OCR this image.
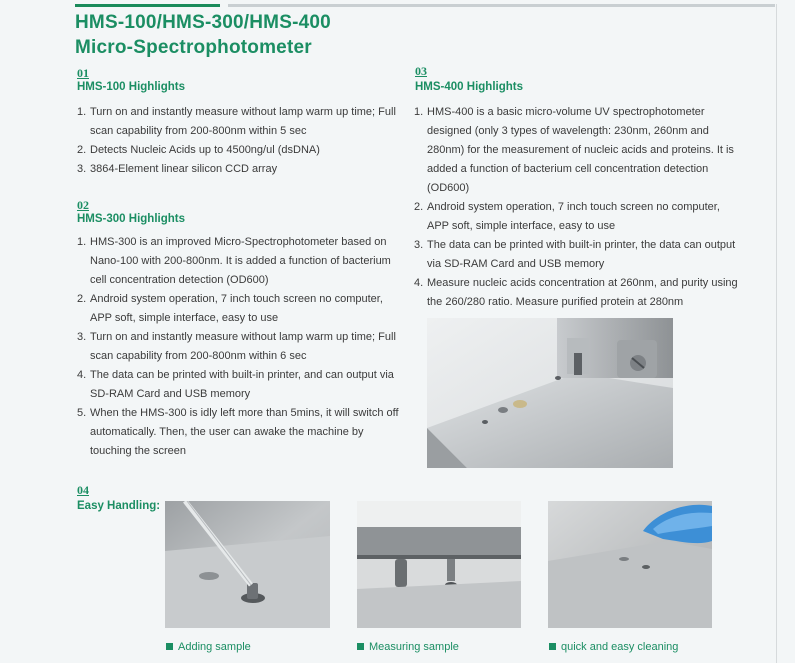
HMS-100/HMS-300/HMS-400
Micro-Spectrophotometer
01
HMS-100 Highlights
1. Turn on and instantly measure without lamp warm up time; Full scan capability from 200-800nm within 5 sec
2. Detects Nucleic Acids up to 4500ng/ul (dsDNA)
3. 3864-Element linear silicon CCD array
02
HMS-300 Highlights
1. HMS-300 is an improved Micro-Spectrophotometer based on Nano-100 with 200-800nm. It is added a function of bacterium cell concentration detection (OD600)
2. Android system operation, 7 inch touch screen no computer, APP soft, simple interface, easy to use
3. Turn on and instantly measure without lamp warm up time; Full scan capability from 200-800nm within 6 sec
4. The data can be printed with built-in printer, and can output via SD-RAM Card and USB memory
5. When the HMS-300 is idly left more than 5mins, it will switch off automatically. Then, the user can awake the machine by touching the screen
03
HMS-400 Highlights
1. HMS-400 is a basic micro-volume UV spectrophotometer designed (only 3 types of wavelength: 230nm, 260nm and 280nm) for the measurement of nucleic acids and proteins. It is added a function of bacterium cell concentration detection (OD600)
2. Android system operation, 7 inch touch screen no computer, APP soft, simple interface, easy to use
3. The data can be printed with built-in printer, the data can output via SD-RAM Card and USB memory
4. Measure nucleic acids concentration at 260nm, and purity using the 260/280 ratio. Measure purified protein at 280nm
04
Easy Handling:
Adding sample	Measuring sample	quick and easy cleaning
